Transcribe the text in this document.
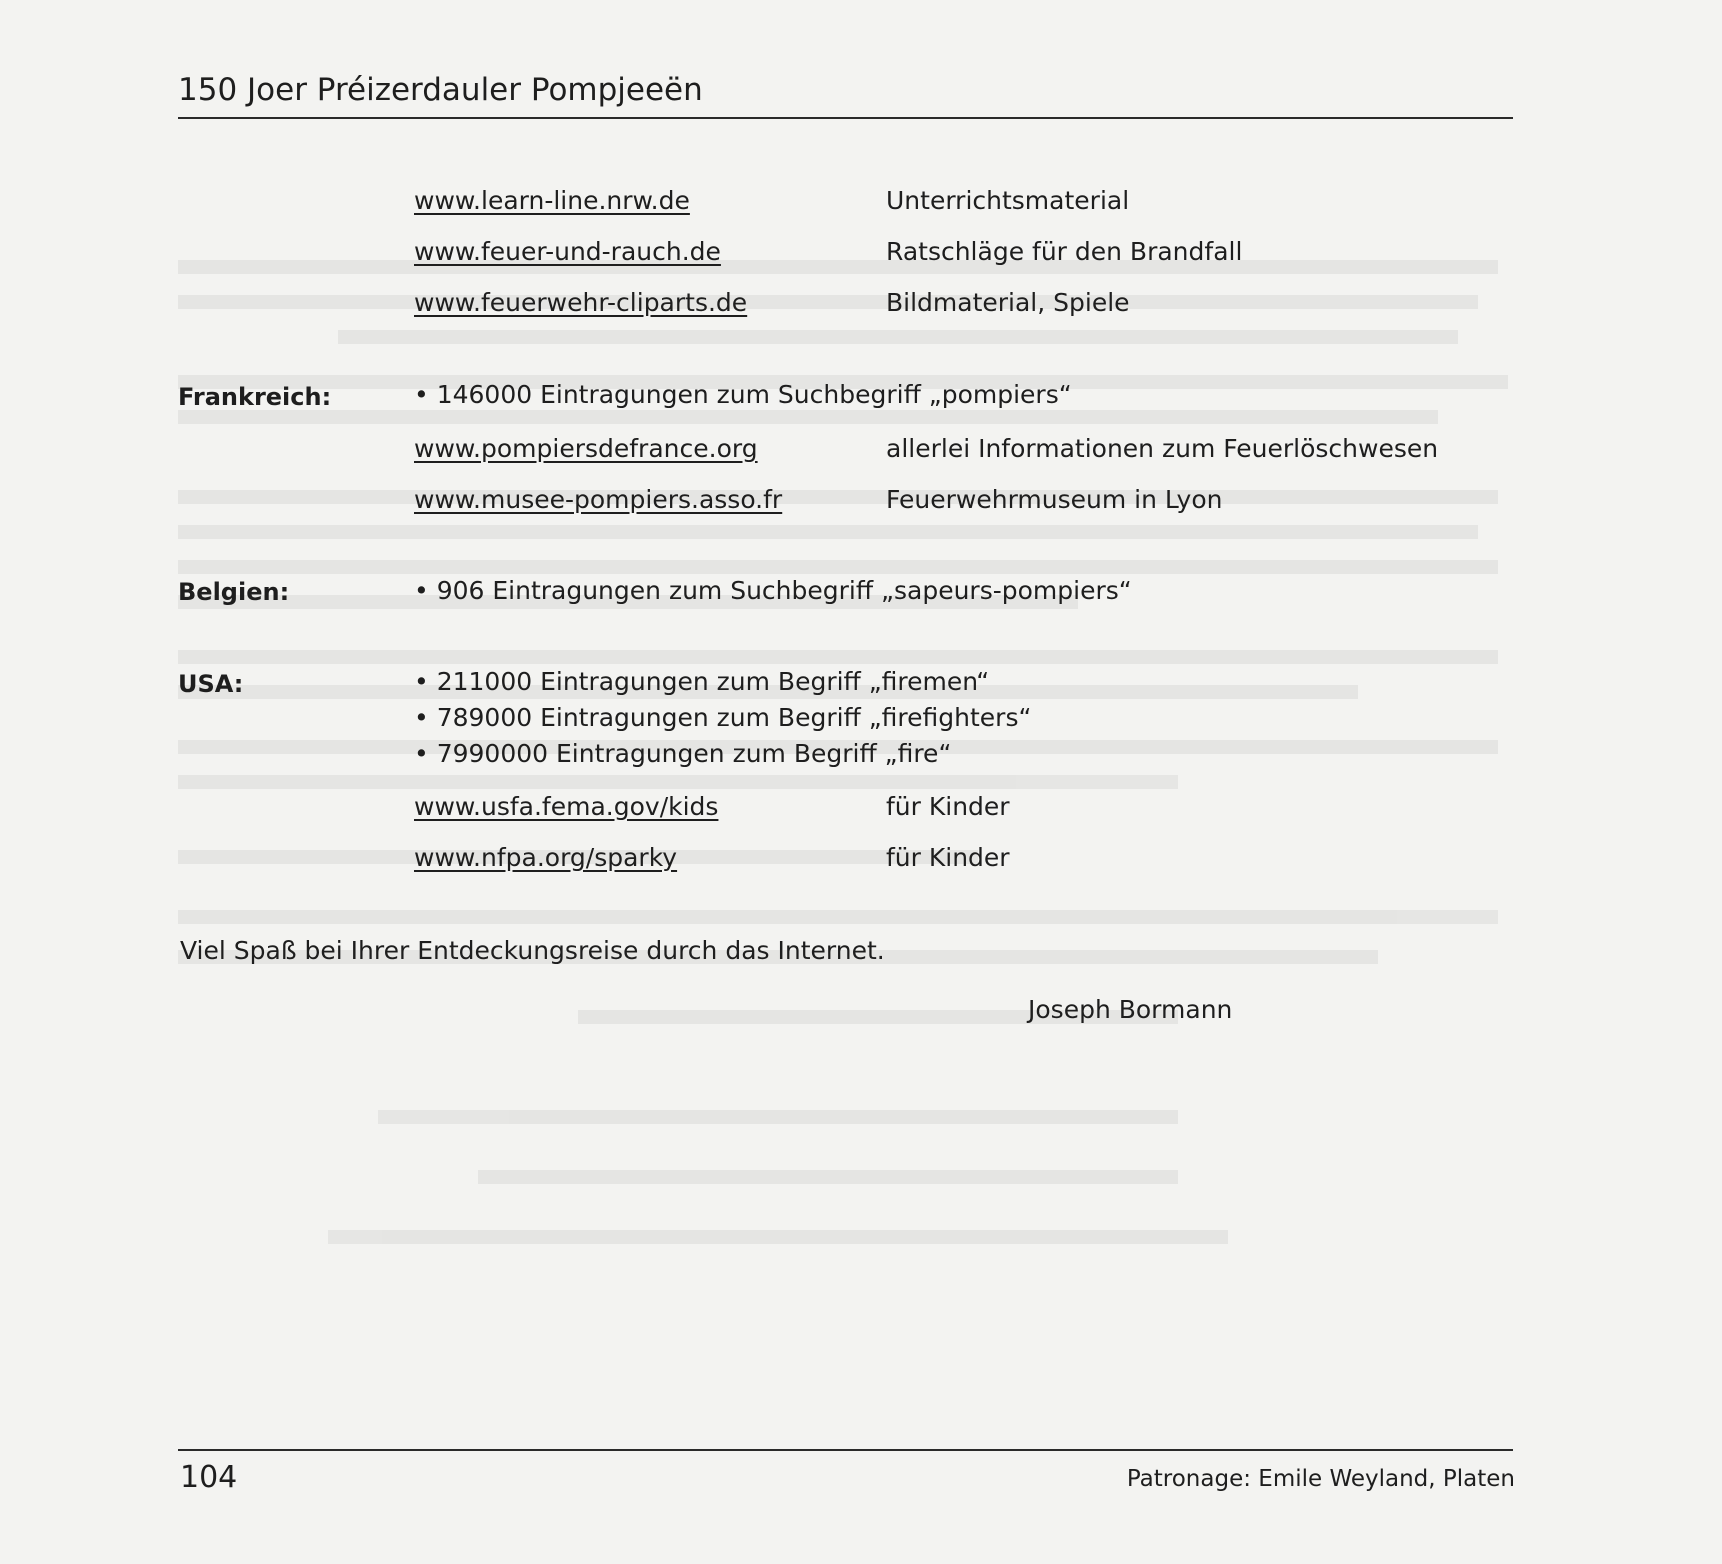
150 Joer Préizerdauler Pompjeeën
www.learn-line.nrw.de	Unterrichtsmaterial
www.feuer-und-rauch.de	Ratschläge für den Brandfall
www.feuerwehr-cliparts.de	Bildmaterial, Spiele
Frankreich:	• 146000 Eintragungen zum Suchbegriff „pompiers“
www.pompiersdefrance.org	allerlei Informationen zum Feuerlöschwesen
www.musee-pompiers.asso.fr	Feuerwehrmuseum in Lyon
Belgien:	• 906 Eintragungen zum Suchbegriff „sapeurs-pompiers“
USA:	• 211000 Eintragungen zum Begriff „firemen“
• 789000 Eintragungen zum Begriff „firefighters“
• 7990000 Eintragungen zum Begriff „fire“
www.usfa.fema.gov/kids	für Kinder
www.nfpa.org/sparky	für Kinder
Viel Spaß bei Ihrer Entdeckungsreise durch das Internet.
Joseph Bormann
104	Patronage: Emile Weyland, Platen
